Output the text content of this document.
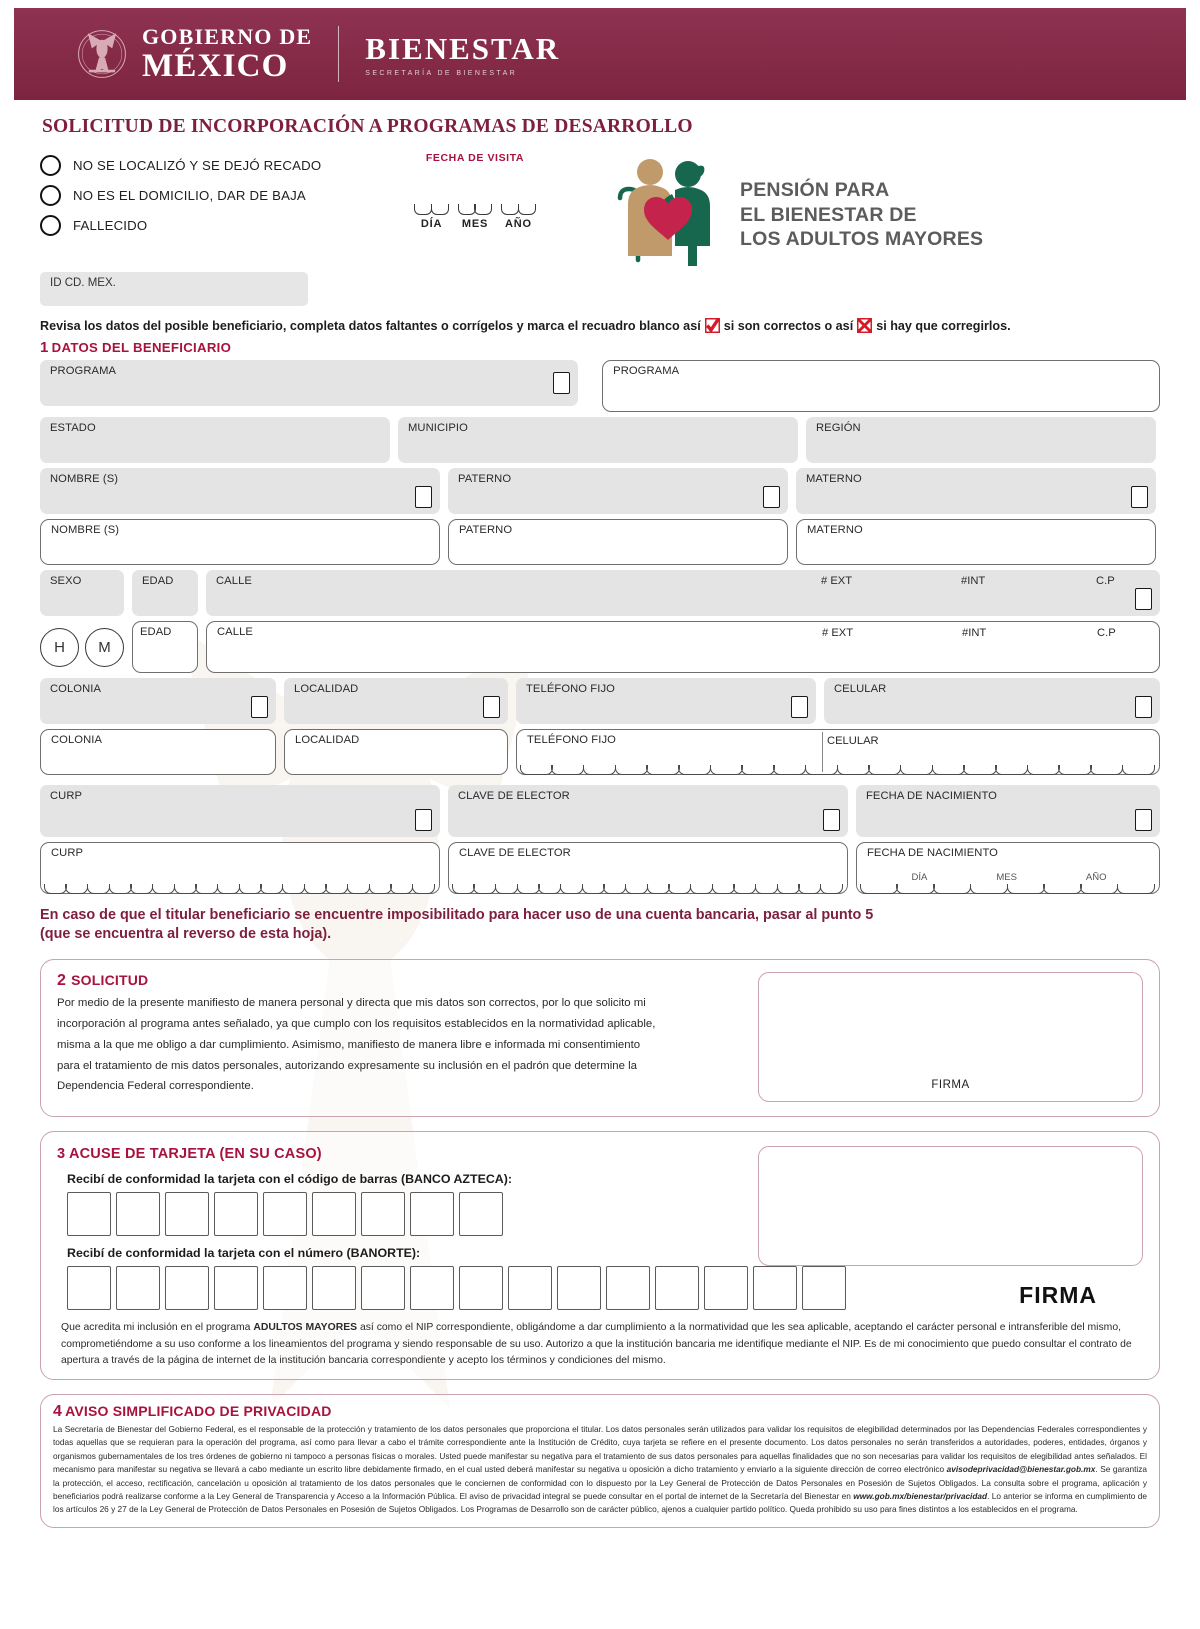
GOBIERNO DE
MÉXICO	BIENESTAR
SECRETARÍA DE BIENESTAR
SOLICITUD DE INCORPORACIÓN A PROGRAMAS DE DESARROLLO
NO SE LOCALIZÓ Y SE DEJÓ RECADO
NO ES EL DOMICILIO, DAR DE BAJA
FALLECIDO
FECHA DE VISITA
DÍA	MES	AÑO
PENSIÓN PARA
EL BIENESTAR DE
LOS ADULTOS MAYORES
ID CD. MEX.
Revisa los datos del posible beneficiario, completa datos faltantes o corrígelos y marca el recuadro blanco así si son correctos o así si hay que corregirlos.
1 DATOS DEL BENEFICIARIO
PROGRAMA	PROGRAMA
ESTADO	MUNICIPIO	REGIÓN
NOMBRE (S)	PATERNO	MATERNO
NOMBRE (S)	PATERNO	MATERNO
SEXO	EDAD	CALLE	# EXT	#INT	C.P
H	M
EDAD	CALLE	# EXT	#INT	C.P
COLONIA	LOCALIDAD	TELÉFONO FIJO	CELULAR
COLONIA	LOCALIDAD	TELÉFONO FIJO	CELULAR
CURP	CLAVE DE ELECTOR	FECHA DE NACIMIENTO
CURP	CLAVE DE ELECTOR	FECHA DE NACIMIENTO
DÍA	MES	AÑO
En caso de que el titular beneficiario se encuentre imposibilitado para hacer uso de una cuenta bancaria, pasar al punto 5
(que se encuentra al reverso de esta hoja).
2 SOLICITUD

Por medio de la presente manifiesto de manera personal y directa que mis datos son correctos, por lo que solicito mi

incorporación al programa antes señalado, ya que cumplo con los requisitos establecidos en la normatividad aplicable,

misma a la que me obligo a dar cumplimiento. Asimismo, manifiesto de manera libre e informada mi consentimiento

para el tratamiento de mis datos personales, autorizando expresamente su inclusión en el padrón que determine la

Dependencia Federal correspondiente.	FIRMA
3 ACUSE DE TARJETA (EN SU CASO)
Recibí de conformidad la tarjeta con el código de barras (BANCO AZTECA):
Recibí de conformidad la tarjeta con el número (BANORTE):
FIRMA
Que acredita mi inclusión en el programa ADULTOS MAYORES así como el NIP correspondiente, obligándome a dar cumplimiento a la normatividad que les sea aplicable, aceptando el carácter personal e intransferible del mismo, comprometiéndome a su uso conforme a los lineamientos del programa y siendo responsable de su uso. Autorizo a que la institución bancaria me identifique mediante el NIP. Es de mi conocimiento que puedo consultar el contrato de apertura a través de la página de internet de la institución bancaria correspondiente y acepto los términos y condiciones del mismo.
4 AVISO SIMPLIFICADO DE PRIVACIDAD
La Secretaría de Bienestar del Gobierno Federal, es el responsable de la protección y tratamiento de los datos personales que proporciona el titular. Los datos personales serán utilizados para validar los requisitos de elegibilidad determinados por las Dependencias Federales correspondientes y todas aquellas que se requieran para la operación del programa, así como para llevar a cabo el trámite correspondiente ante la Institución de Crédito, cuya tarjeta se refiere en el presente documento. Los datos personales no serán transferidos a autoridades, poderes, entidades, órganos y organismos gubernamentales de los tres órdenes de gobierno ni tampoco a personas físicas o morales. Usted puede manifestar su negativa para el tratamiento de sus datos personales para aquellas finalidades que no son necesarias para validar los requisitos de elegibilidad antes señalados. El mecanismo para manifestar su negativa se llevará a cabo mediante un escrito libre debidamente firmado, en el cual usted deberá manifestar su negativa u oposición a dicho tratamiento y enviarlo a la siguiente dirección de correo electrónico avisodeprivacidad@bienestar.gob.mx. Se garantiza la protección, el acceso, rectificación, cancelación u oposición al tratamiento de los datos personales que le conciernen de conformidad con lo dispuesto por la Ley General de Protección de Datos Personales en Posesión de Sujetos Obligados. La consulta sobre el programa, aplicación y beneficiarios podrá realizarse conforme a la Ley General de Transparencia y Acceso a la Información Pública. El aviso de privacidad integral se puede consultar en el portal de internet de la Secretaría del Bienestar en www.gob.mx/bienestar/privacidad. Lo anterior se informa en cumplimiento de los artículos 26 y 27 de la Ley General de Protección de Datos Personales en Posesión de Sujetos Obligados. Los Programas de Desarrollo son de carácter público, ajenos a cualquier partido político. Queda prohibido su uso para fines distintos a los establecidos en el programa.
